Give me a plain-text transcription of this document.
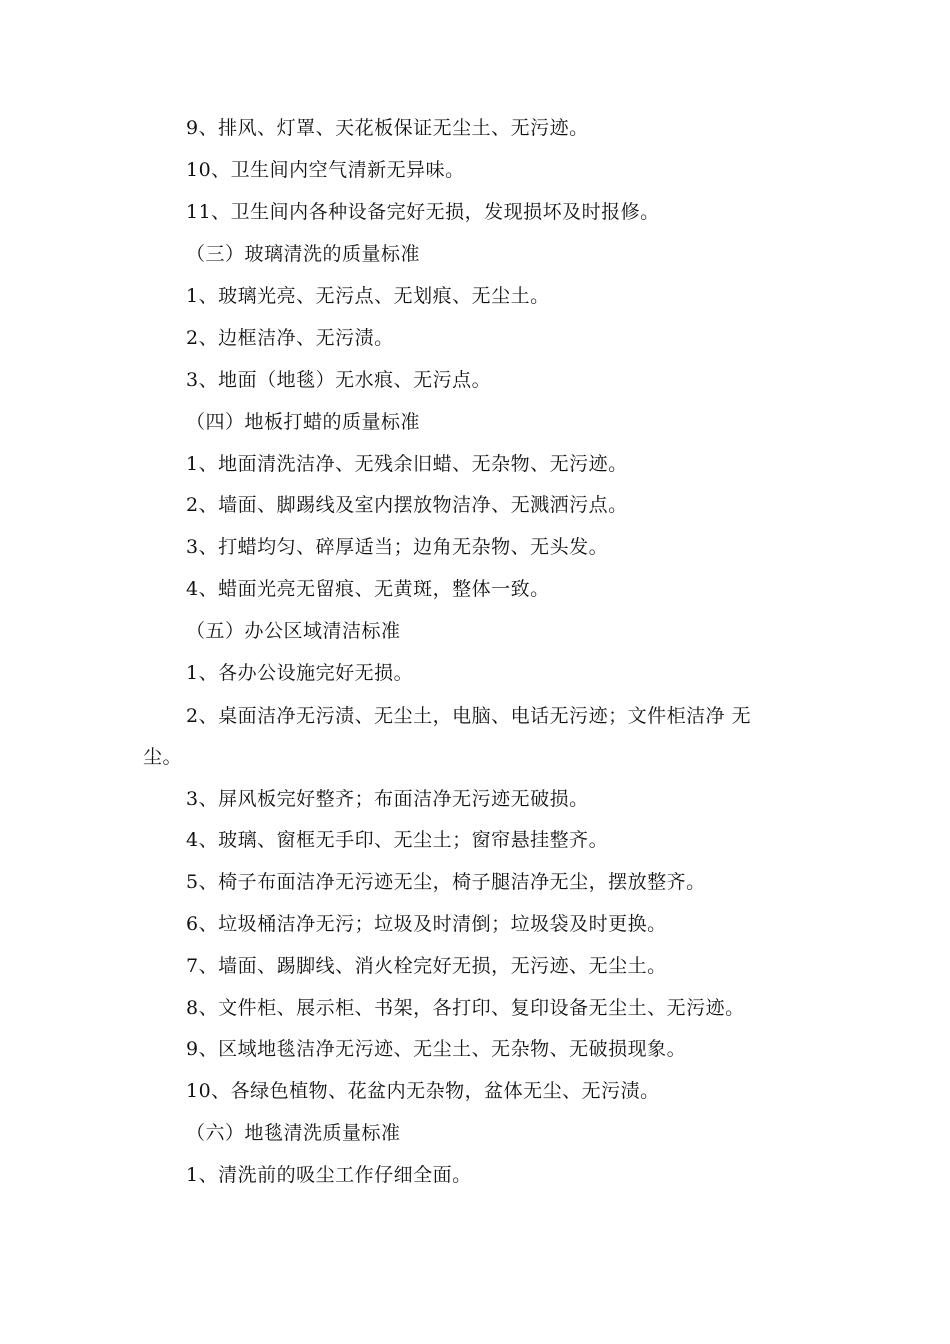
9、排风、灯罩、天花板保证无尘土、无污迹。
10、卫生间内空气清新无异味。
11、卫生间内各种设备完好无损，发现损坏及时报修。
（三）玻璃清洗的质量标准
1、玻璃光亮、无污点、无划痕、无尘土。
2、边框洁净、无污渍。
3、地面（地毯）无水痕、无污点。
（四）地板打蜡的质量标准
1、地面清洗洁净、无残余旧蜡、无杂物、无污迹。
2、墙面、脚踢线及室内摆放物洁净、无溅洒污点。
3、打蜡均匀、碎厚适当；边角无杂物、无头发。
4、蜡面光亮无留痕、无黄斑，整体一致。
（五）办公区域清洁标准
1、各办公设施完好无损。
2、桌面洁净无污渍、无尘土，电脑、电话无污迹；文件柜洁净 无
尘。
3、屏风板完好整齐；布面洁净无污迹无破损。
4、玻璃、窗框无手印、无尘土；窗帘悬挂整齐。
5、椅子布面洁净无污迹无尘，椅子腿洁净无尘，摆放整齐。
6、垃圾桶洁净无污；垃圾及时清倒；垃圾袋及时更换。
7、墙面、踢脚线、消火栓完好无损，无污迹、无尘土。
8、文件柜、展示柜、书架，各打印、复印设备无尘土、无污迹。
9、区域地毯洁净无污迹、无尘土、无杂物、无破损现象。
10、各绿色植物、花盆内无杂物，盆体无尘、无污渍。
（六）地毯清洗质量标准
1、清洗前的吸尘工作仔细全面。
